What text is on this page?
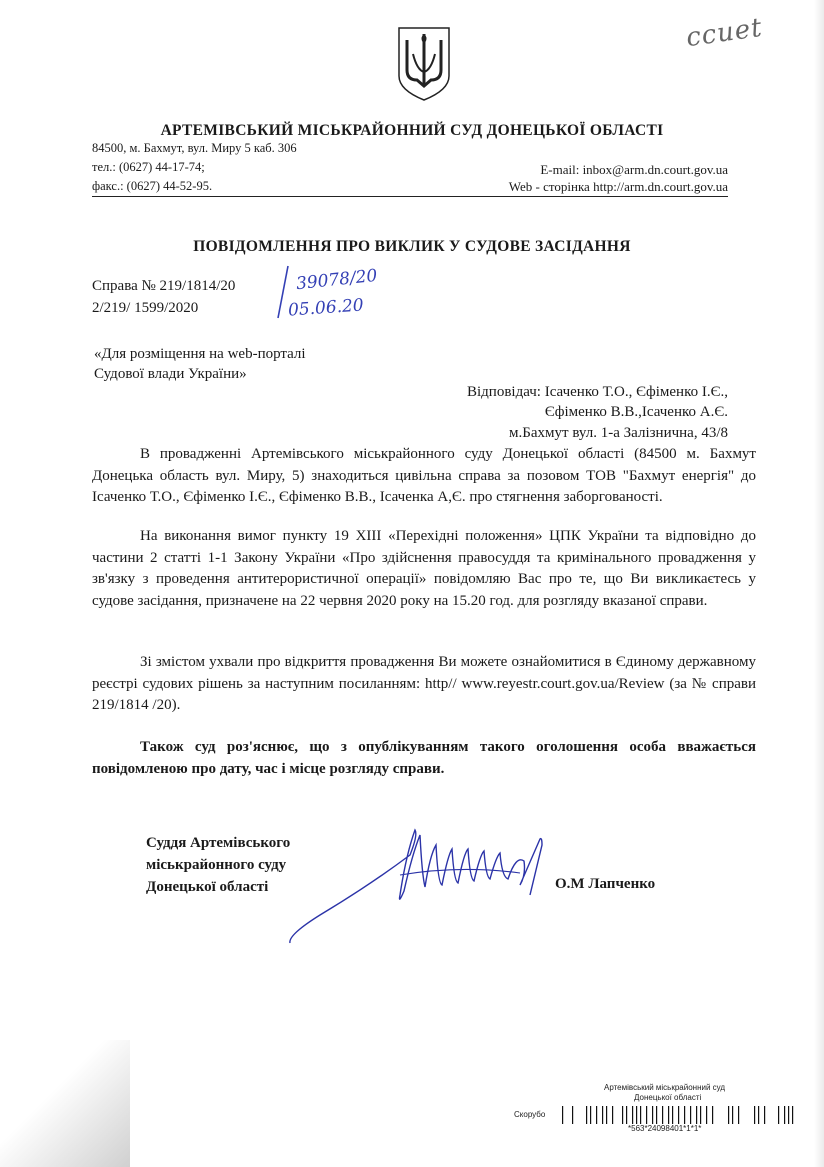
сcuet
АРТЕМІВСЬКИЙ МІСЬКРАЙОННИЙ СУД ДОНЕЦЬКОЇ ОБЛАСТІ
84500, м. Бахмут, вул. Миру 5 каб. 306
тел.: (0627) 44-17-74;
факс.: (0627) 44-52-95.
E-mail: inbox@arm.dn.court.gov.ua
Web - сторінка http://arm.dn.court.gov.ua
ПОВІДОМЛЕННЯ ПРО ВИКЛИК У СУДОВЕ ЗАСІДАННЯ
Справа № 219/1814/20
2/219/ 1599/2020
39078/20
05.06.20
«Для розміщення на web-порталі
Судової влади України»
Відповідач: Ісаченко Т.О., Єфіменко І.Є.,
Єфіменко В.В.,Ісаченко А.Є.
м.Бахмут вул. 1-а Залізнична, 43/8
В провадженні Артемівського міськрайонного суду Донецької області (84500 м. Бахмут Донецька область вул. Миру, 5) знаходиться цивільна справа за позовом ТОВ "Бахмут енергія" до Ісаченко Т.О., Єфіменко І.Є., Єфіменко В.В., Ісаченка А,Є. про стягнення заборгованості.
На виконання вимог пункту 19 XIII «Перехідні положення» ЦПК України та відповідно до частини 2 статті 1-1 Закону України «Про здійснення правосуддя та кримінального провадження у зв'язку з проведення антитерористичної операції» повідомляю Вас про те, що Ви викликаєтесь у судове засідання, призначене на 22 червня 2020 року на 15.20 год. для розгляду вказаної справи.
Зі змістом ухвали про відкриття провадження Ви можете ознайомитися в Єдиному державному реєстрі судових рішень за наступним посиланням: http// www.reyestr.court.gov.ua/Review (за № справи 219/1814 /20).
Також суд роз'яснює, що з опублікуванням такого оголошення особа вважається повідомленою про дату, час і місце розгляду справи.
Суддя Артемівського
міськрайонного суду
Донецької області	О.М Лапченко
Артемівський міськрайонний суд
Донецької області
Скорубо
*563*24098401*1*1*
